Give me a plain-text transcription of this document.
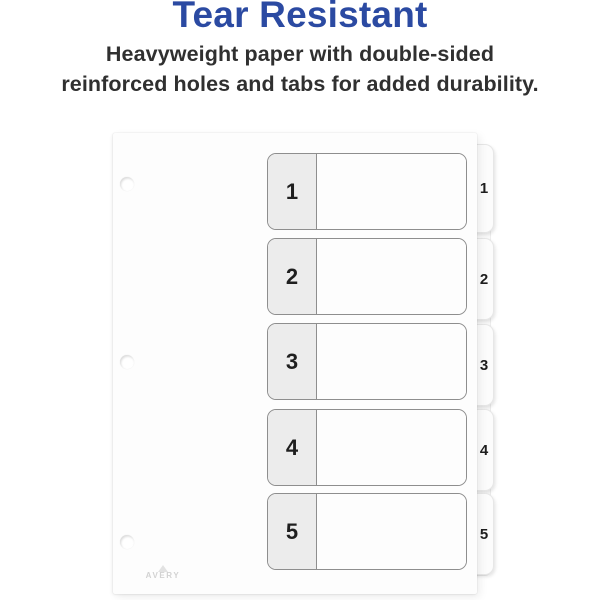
Tear Resistant
Heavyweight paper with double-sided
reinforced holes and tabs for added durability.
1
2
3
4
5
1
2
3
4
5
AVERY
